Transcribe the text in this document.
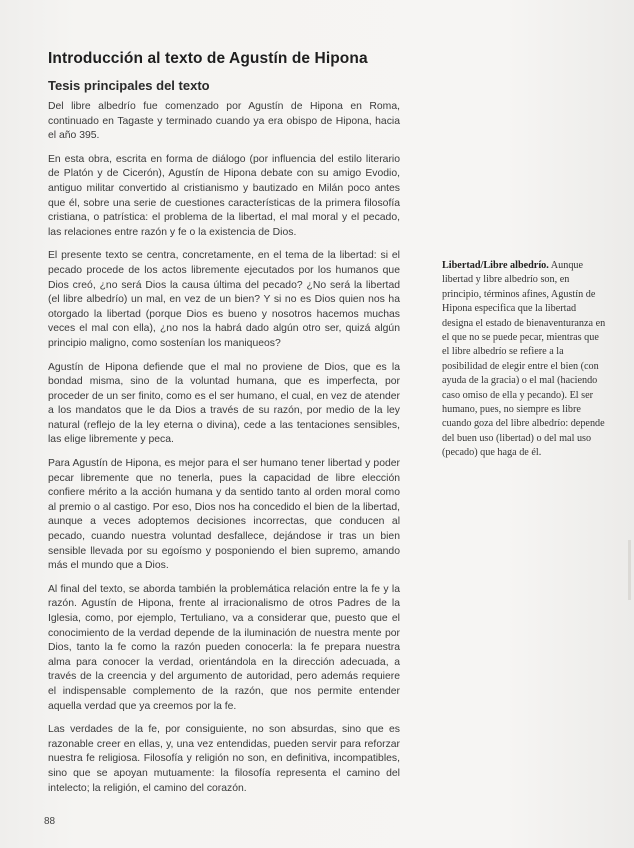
Introducción al texto de Agustín de Hipona
Tesis principales del texto

Del libre albedrío fue comenzado por Agustín de Hipona en Roma, continuado en Tagaste y terminado cuando ya era obispo de Hipona, hacia el año 395.

En esta obra, escrita en forma de diálogo (por influencia del estilo literario de Platón y de Cicerón), Agustín de Hipona debate con su amigo Evodio, antiguo militar convertido al cristianismo y bautizado en Milán poco antes que él, sobre una serie de cuestiones características de la primera filosofía cristiana, o patrística: el problema de la libertad, el mal moral y el pecado, las relaciones entre razón y fe o la existencia de Dios.

El presente texto se centra, concretamente, en el tema de la libertad: si el pecado procede de los actos libremente ejecutados por los humanos que Dios creó, ¿no será Dios la causa última del pecado? ¿No será la libertad (el libre albedrío) un mal, en vez de un bien? Y si no es Dios quien nos ha otorgado la libertad (porque Dios es bueno y nosotros hacemos muchas veces el mal con ella), ¿no nos la habrá dado algún otro ser, quizá algún principio maligno, como sostenían los maniqueos?

Agustín de Hipona defiende que el mal no proviene de Dios, que es la bondad misma, sino de la voluntad humana, que es imperfecta, por proceder de un ser finito, como es el ser humano, el cual, en vez de atender a los mandatos que le da Dios a través de su razón, por medio de la ley natural (reflejo de la ley eterna o divina), cede a las tentaciones sensibles, las elige libremente y peca.

Para Agustín de Hipona, es mejor para el ser humano tener libertad y poder pecar libremente que no tenerla, pues la capacidad de libre elección confiere mérito a la acción humana y da sentido tanto al orden moral como al premio o al castigo. Por eso, Dios nos ha concedido el bien de la libertad, aunque a veces adoptemos decisiones incorrectas, que conducen al pecado, cuando nuestra voluntad desfallece, dejándose ir tras un bien sensible llevada por su egoísmo y posponiendo el bien supremo, amando más el mundo que a Dios.

Al final del texto, se aborda también la problemática relación entre la fe y la razón. Agustín de Hipona, frente al irracionalismo de otros Padres de la Iglesia, como, por ejemplo, Tertuliano, va a considerar que, puesto que el conocimiento de la verdad depende de la iluminación de nuestra mente por Dios, tanto la fe como la razón pueden conocerla: la fe prepara nuestra alma para conocer la verdad, orientándola en la dirección adecuada, a través de la creencia y del argumento de autoridad, pero además requiere el indispensable complemento de la razón, que nos permite entender aquella verdad que ya creemos por la fe.

Las verdades de la fe, por consiguiente, no son absurdas, sino que es razonable creer en ellas, y, una vez entendidas, pueden servir para reforzar nuestra fe religiosa. Filosofía y religión no son, en definitiva, incompatibles, sino que se apoyan mutuamente: la filosofía representa el camino del intelecto; la religión, el camino del corazón.

Libertad/Libre albedrío. Aunque libertad y libre albedrío son, en principio, términos afines, Agustín de Hipona especifica que la libertad designa el estado de bienaventuranza en el que no se puede pecar, mientras que el libre albedrío se refiere a la posibilidad de elegir entre el bien (con ayuda de la gracia) o el mal (haciendo caso omiso de ella y pecando). El ser humano, pues, no siempre es libre cuando goza del libre albedrío: depende del buen uso (libertad) o del mal uso (pecado) que haga de él.
88
